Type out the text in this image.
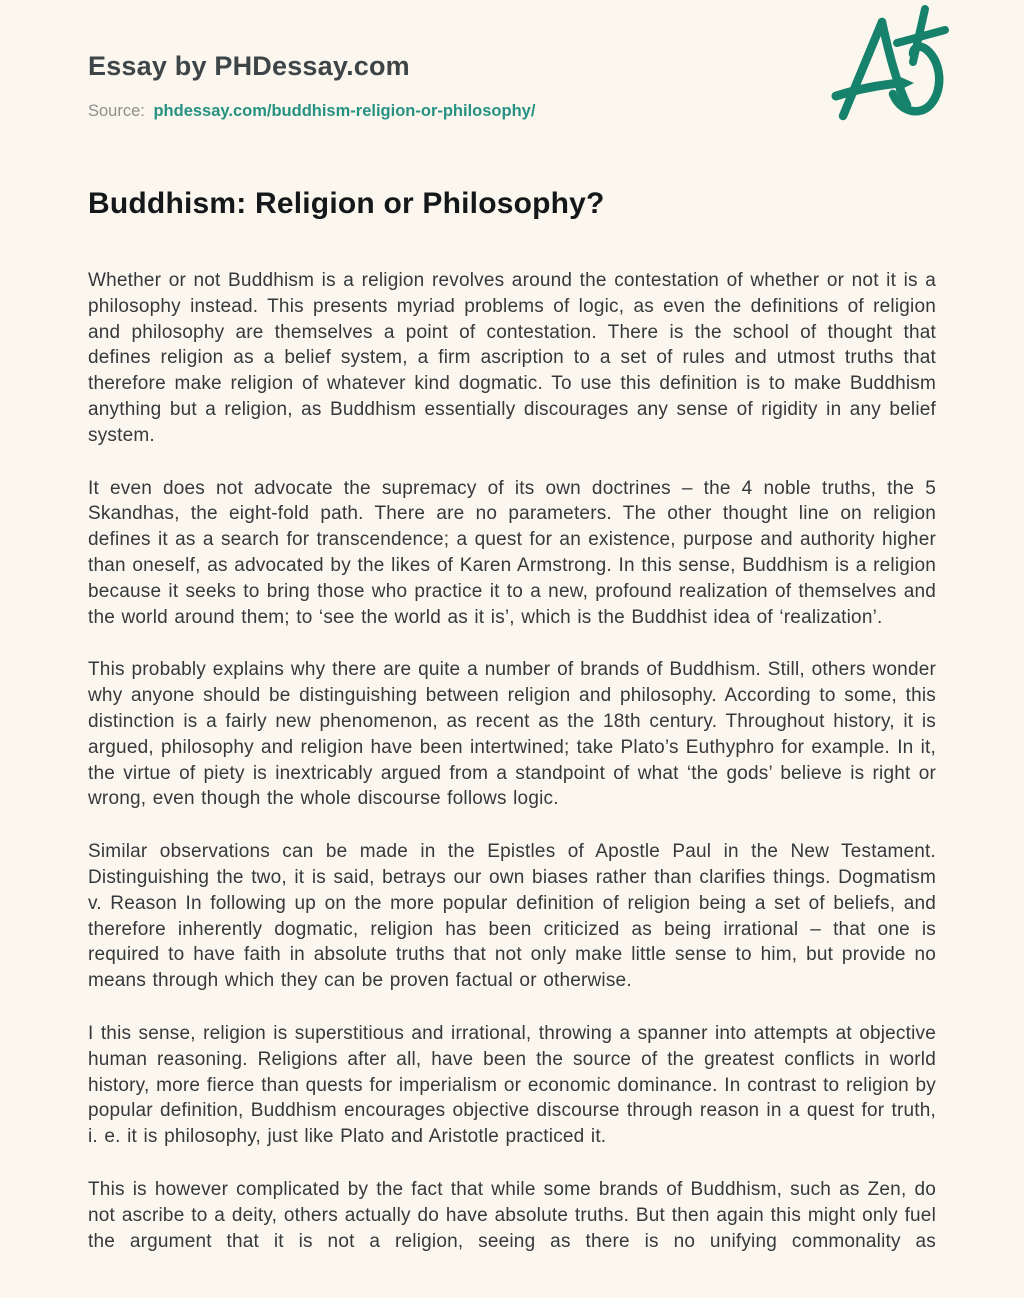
Essay by PHDessay.com
Source: phdessay.com/buddhism-religion-or-philosophy/
Buddhism: Religion or Philosophy?

Whether or not Buddhism is a religion revolves around the contestation of whether or not it is a philosophy instead. This presents myriad problems of logic, as even the definitions of religion and philosophy are themselves a point of contestation. There is the school of thought that defines religion as a belief system, a firm ascription to a set of rules and utmost truths that therefore make religion of whatever kind dogmatic. To use this definition is to make Buddhism anything but a religion, as Buddhism essentially discourages any sense of rigidity in any belief system.

It even does not advocate the supremacy of its own doctrines – the 4 noble truths, the 5 Skandhas, the eight-fold path. There are no parameters. The other thought line on religion defines it as a search for transcendence; a quest for an existence, purpose and authority higher than oneself, as advocated by the likes of Karen Armstrong. In this sense, Buddhism is a religion because it seeks to bring those who practice it to a new, profound realization of themselves and the world around them; to ‘see the world as it is’, which is the Buddhist idea of ‘realization’.

This probably explains why there are quite a number of brands of Buddhism. Still, others wonder why anyone should be distinguishing between religion and philosophy. According to some, this distinction is a fairly new phenomenon, as recent as the 18th century. Throughout history, it is argued, philosophy and religion have been intertwined; take Plato’s Euthyphro for example. In it, the virtue of piety is inextricably argued from a standpoint of what ‘the gods’ believe is right or wrong, even though the whole discourse follows logic.

Similar observations can be made in the Epistles of Apostle Paul in the New Testament. Distinguishing the two, it is said, betrays our own biases rather than clarifies things. Dogmatism v. Reason In following up on the more popular definition of religion being a set of beliefs, and therefore inherently dogmatic, religion has been criticized as being irrational – that one is required to have faith in absolute truths that not only make little sense to him, but provide no means through which they can be proven factual or otherwise.

I this sense, religion is superstitious and irrational, throwing a spanner into attempts at objective human reasoning. Religions after all, have been the source of the greatest conflicts in world history, more fierce than quests for imperialism or economic dominance. In contrast to religion by popular definition, Buddhism encourages objective discourse through reason in a quest for truth, i. e. it is philosophy, just like Plato and Aristotle practiced it.

This is however complicated by the fact that while some brands of Buddhism, such as Zen, do not ascribe to a deity, others actually do have absolute truths. But then again this might only fuel the argument that it is not a religion, seeing as there is no unifying commonality as
